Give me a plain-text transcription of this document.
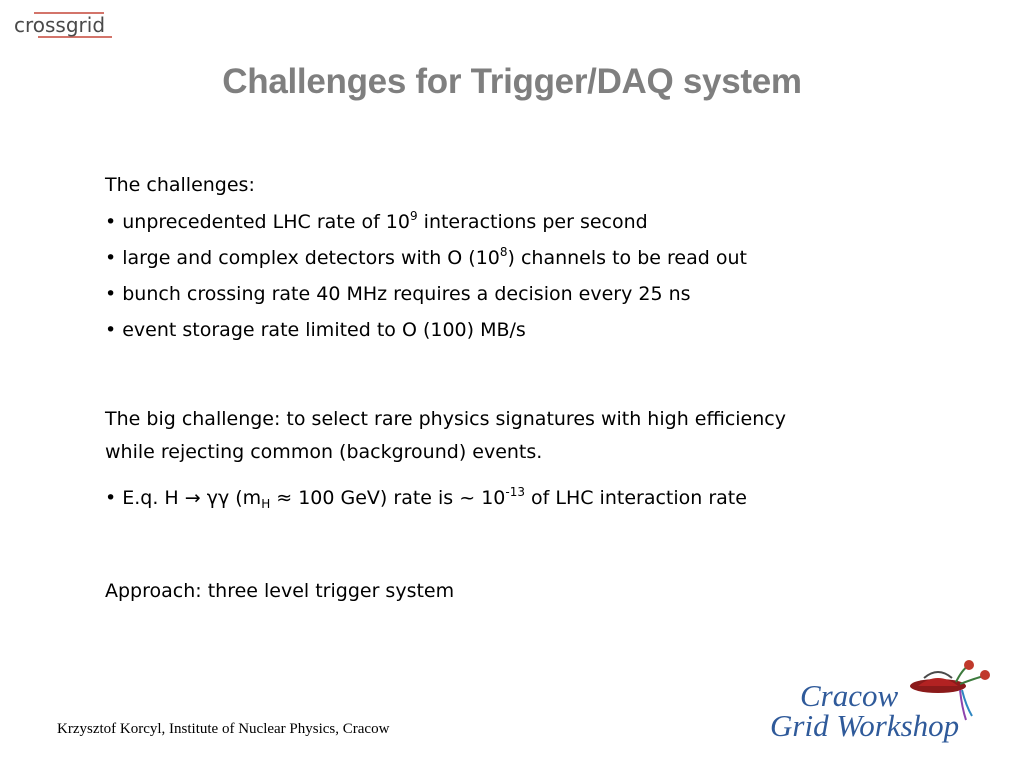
crossgrid
Challenges for Trigger/DAQ system
The challenges:
• unprecedented LHC rate of $10^9$ interactions per second
• large and complex detectors with O $(10^8)$ channels to be read out
• bunch crossing rate 40 MHz requires a decision every 25 ns
• event storage rate limited to O (100) MB/s
The big challenge: to select rare physics signatures with high efficiency
while rejecting common (background) events.
• E.q. H → γγ ($m_H \approx 100$ GeV) rate is ~ $10^{-13}$ of LHC interaction rate
Approach: three level trigger system
Krzysztof Korcyl, Institute of Nuclear Physics, Cracow
Cracow
Grid Workshop
